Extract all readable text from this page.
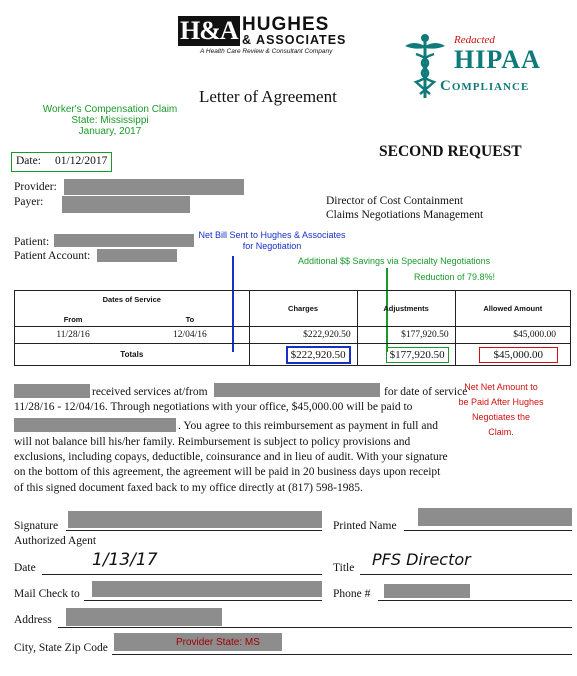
H&A HUGHES
& ASSOCIATES
A Health Care Review & Consultant Company
Redacted
HIPAA
Compliance
Letter of Agreement
Worker's Compensation Claim
State: Mississippi
January, 2017
Date: 01/12/2017
SECOND REQUEST
Provider:
Payer:	Director of Cost Containment
Claims Negotiations Management
Patient:
Patient Account:
Net Bill Sent to Hughes & Associates for Negotiation
Additional $$ Savings via Specialty Negotiations
Reduction of 79.8%!
Dates of Service		Charges	Adjustments	Allowed Amount
From	To			
11/28/16	12/04/16	$222,920.50	$177,920.50	$45,000.00
Totals		$222,920.50	$177,920.50	$45,000.00
Net Net Amount to be Paid After Hughes Negotiates the Claim.
received services at/from	for date of service
11/28/16 - 12/04/16. Through negotiations with your office, $45,000.00 will be paid to
. You agree to this reimbursement as payment in full and
will not balance bill his/her family. Reimbursement is subject to policy provisions and
exclusions, including copays, deductible, coinsurance and in lieu of audit. With your signature
on the bottom of this agreement, the agreement will be paid in 20 business days upon receipt
of this signed document faxed back to my office directly at (817) 598-1985.
Signature
Authorized Agent
Printed Name
Date	1/13/17	Title PFS Director
Mail Check to	Phone #
Address
City, State Zip Code	Provider State: MS
